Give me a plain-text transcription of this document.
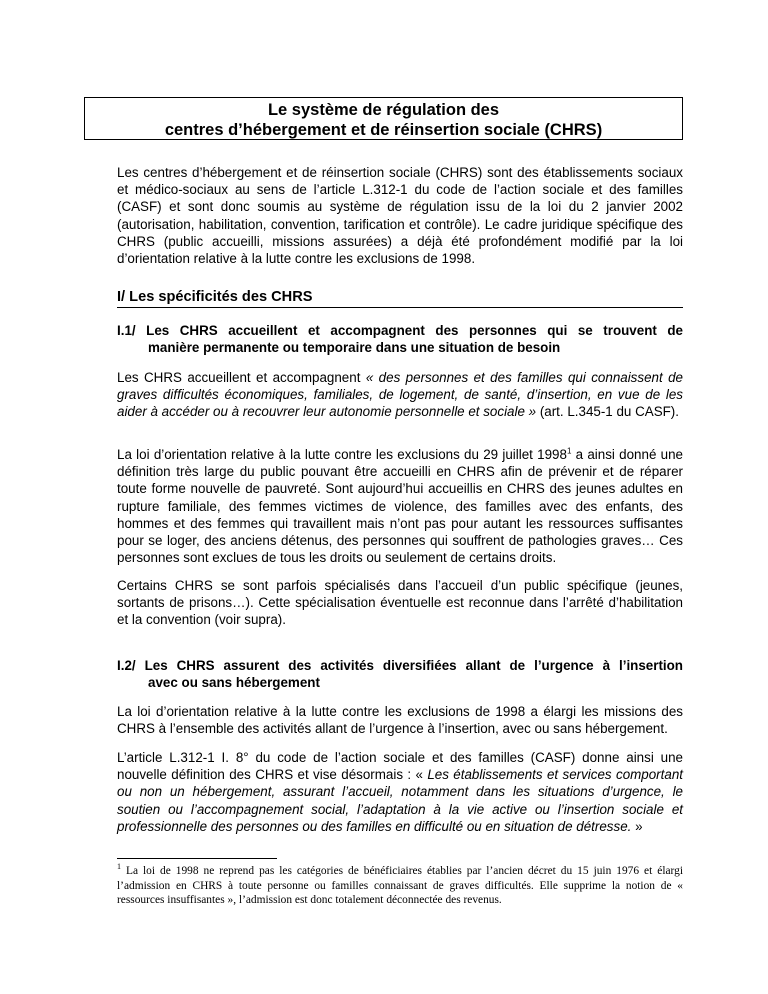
Le système de régulation des
centres d’hébergement et de réinsertion sociale (CHRS)

Les centres d’hébergement et de réinsertion sociale (CHRS) sont des établissements sociaux et médico-sociaux au sens de l’article L.312-1 du code de l’action sociale et des familles (CASF) et sont donc soumis au système de régulation issu de la loi du 2 janvier 2002 (autorisation, habilitation, convention, tarification et contrôle). Le cadre juridique spécifique des CHRS (public accueilli, missions assurées) a déjà été profondément modifié par la loi d’orientation relative à la lutte contre les exclusions de 1998.

I/ Les spécificités des CHRS
I.1/ Les CHRS accueillent et accompagnent des personnes qui se trouvent de
manière permanente ou temporaire dans une situation de besoin

Les CHRS accueillent et accompagnent « des personnes et des familles qui connaissent de graves difficultés économiques, familiales, de logement, de santé, d’insertion, en vue de les aider à accéder ou à recouvrer leur autonomie personnelle et sociale » (art. L.345-1 du CASF).

La loi d’orientation relative à la lutte contre les exclusions du 29 juillet 1998$^1$ a ainsi donné une définition très large du public pouvant être accueilli en CHRS afin de prévenir et de réparer toute forme nouvelle de pauvreté. Sont aujourd’hui accueillis en CHRS des jeunes adultes en rupture familiale, des femmes victimes de violence, des familles avec des enfants, des hommes et des femmes qui travaillent mais n’ont pas pour autant les ressources suffisantes pour se loger, des anciens détenus, des personnes qui souffrent de pathologies graves… Ces personnes sont exclues de tous les droits ou seulement de certains droits.

Certains CHRS se sont parfois spécialisés dans l’accueil d’un public spécifique (jeunes, sortants de prisons…). Cette spécialisation éventuelle est reconnue dans l’arrêté d’habilitation et la convention (voir supra).

I.2/ Les CHRS assurent des activités diversifiées allant de l’urgence à l’insertion
avec ou sans hébergement

La loi d’orientation relative à la lutte contre les exclusions de 1998 a élargi les missions des CHRS à l’ensemble des activités allant de l’urgence à l’insertion, avec ou sans hébergement.

L’article L.312-1 I. 8° du code de l’action sociale et des familles (CASF) donne ainsi une nouvelle définition des CHRS et vise désormais : « Les établissements et services comportant ou non un hébergement, assurant l’accueil, notamment dans les situations d’urgence, le soutien ou l’accompagnement social, l’adaptation à la vie active ou l’insertion sociale et professionnelle des personnes ou des familles en difficulté ou en situation de détresse. »

$^1$ La loi de 1998 ne reprend pas les catégories de bénéficiaires établies par l’ancien décret du 15 juin 1976 et élargi l’admission en CHRS à toute personne ou familles connaissant de graves difficultés. Elle supprime la notion de « ressources insuffisantes », l’admission est donc totalement déconnectée des revenus.
